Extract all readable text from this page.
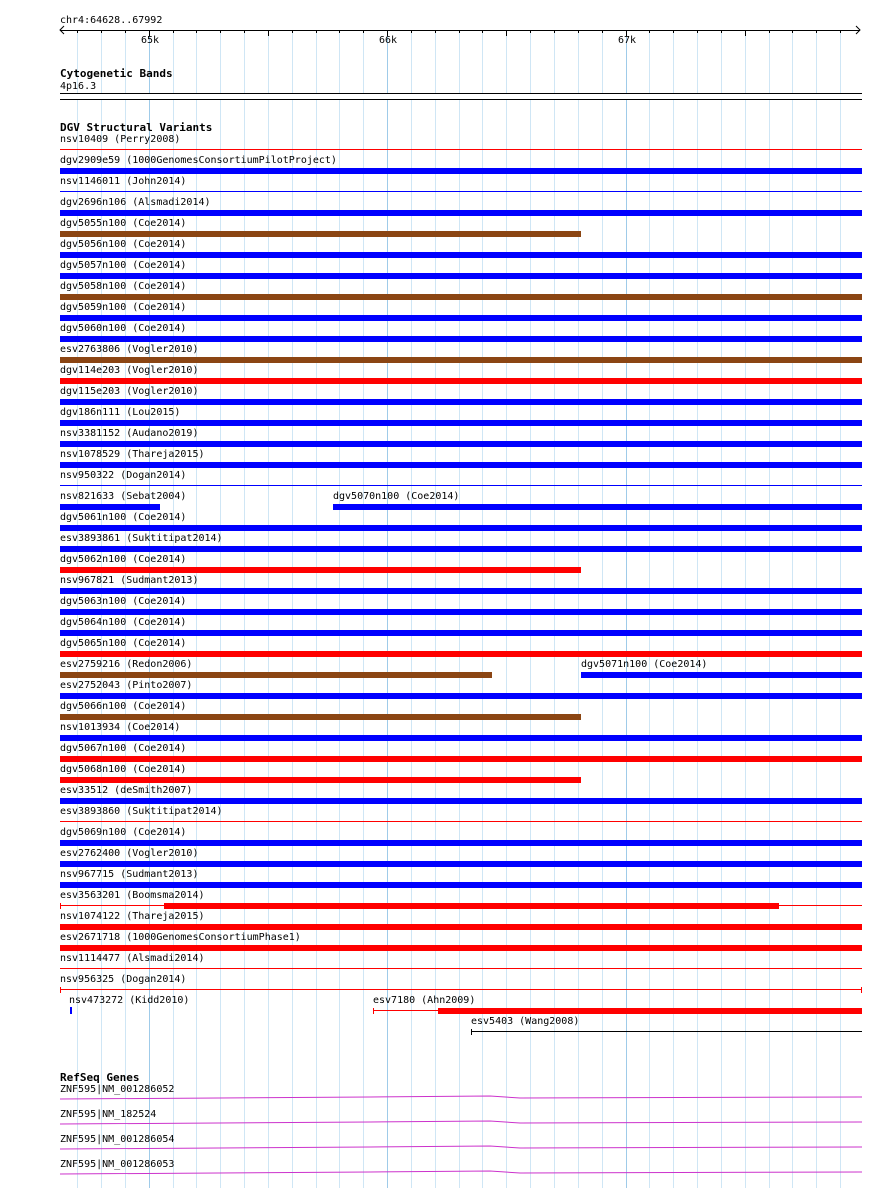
chr4:64628..67992
65k	66k	67k
Cytogenetic Bands
4p16.3
DGV Structural Variants
nsv10409 (Perry2008)
dgv2909e59 (1000GenomesConsortiumPilotProject)
nsv1146011 (John2014)
dgv2696n106 (Alsmadi2014)
dgv5055n100 (Coe2014)
dgv5056n100 (Coe2014)
dgv5057n100 (Coe2014)
dgv5058n100 (Coe2014)
dgv5059n100 (Coe2014)
dgv5060n100 (Coe2014)
esv2763806 (Vogler2010)
dgv114e203 (Vogler2010)
dgv115e203 (Vogler2010)
dgv186n111 (Lou2015)
nsv3381152 (Audano2019)
nsv1078529 (Thareja2015)
nsv950322 (Dogan2014)
nsv821633 (Sebat2004)	dgv5070n100 (Coe2014)
dgv5061n100 (Coe2014)
esv3893861 (Suktitipat2014)
dgv5062n100 (Coe2014)
nsv967821 (Sudmant2013)
dgv5063n100 (Coe2014)
dgv5064n100 (Coe2014)
dgv5065n100 (Coe2014)
esv2759216 (Redon2006)	dgv5071n100 (Coe2014)
esv2752043 (Pinto2007)
dgv5066n100 (Coe2014)
nsv1013934 (Coe2014)
dgv5067n100 (Coe2014)
dgv5068n100 (Coe2014)
esv33512 (deSmith2007)
esv3893860 (Suktitipat2014)
dgv5069n100 (Coe2014)
esv2762400 (Vogler2010)
nsv967715 (Sudmant2013)
esv3563201 (Boomsma2014)
nsv1074122 (Thareja2015)
esv2671718 (1000GenomesConsortiumPhase1)
nsv1114477 (Alsmadi2014)
nsv956325 (Dogan2014)
nsv473272 (Kidd2010)	esv7180 (Ahn2009)
esv5403 (Wang2008)
RefSeq Genes
ZNF595|NM_001286052
ZNF595|NM_182524
ZNF595|NM_001286054
ZNF595|NM_001286053
